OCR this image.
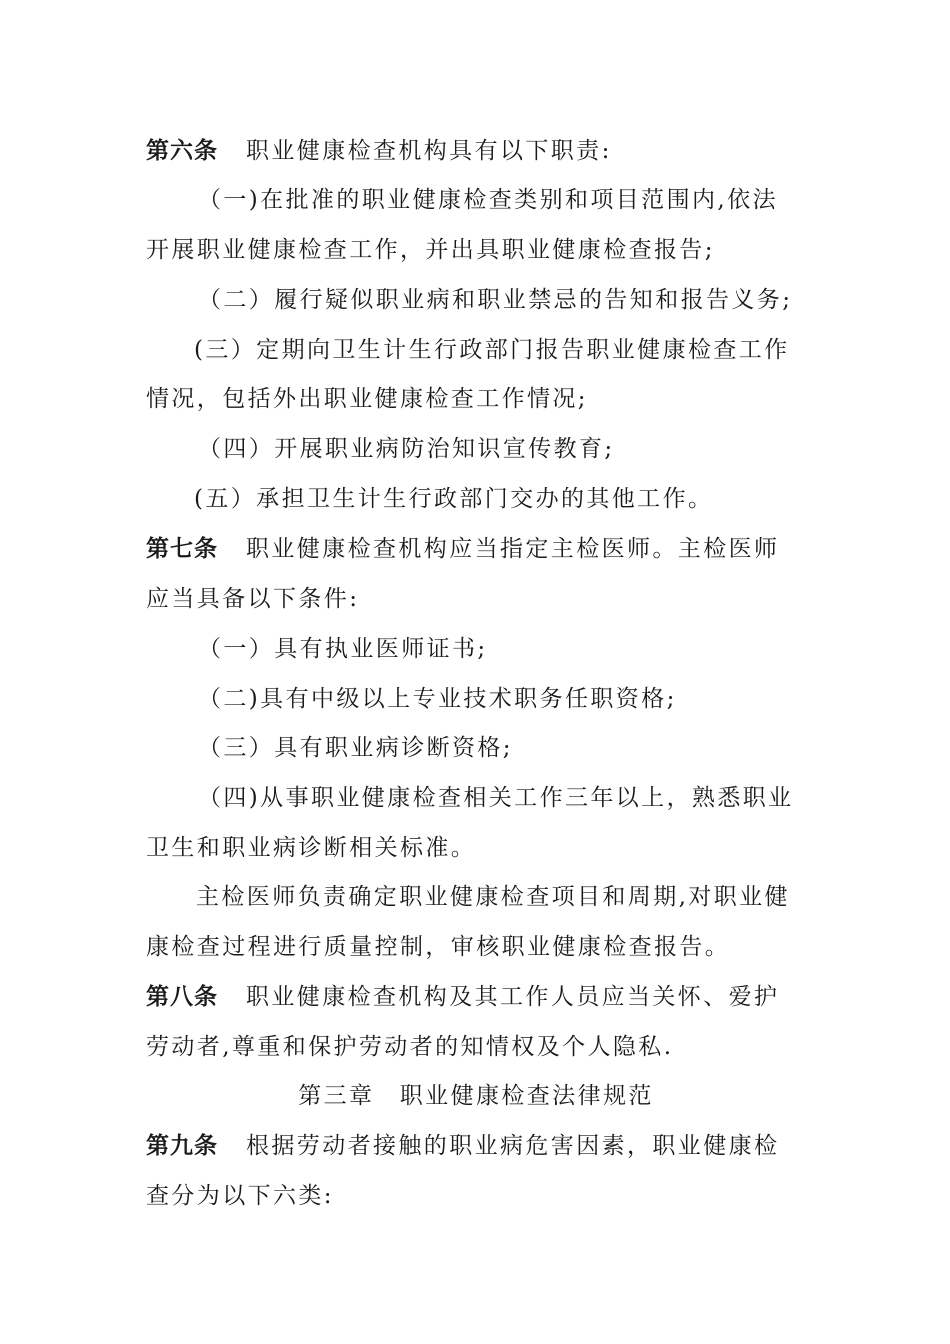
第六条 职业健康检查机构具有以下职责:
（一)在批准的职业健康检查类别和项目范围内,依法
开展职业健康检查工作，并出具职业健康检查报告;
（二）履行疑似职业病和职业禁忌的告知和报告义务;
(三）定期向卫生计生行政部门报告职业健康检查工作
情况，包括外出职业健康检查工作情况;
（四）开展职业病防治知识宣传教育;
(五）承担卫生计生行政部门交办的其他工作。
第七条 职业健康检查机构应当指定主检医师。主检医师
应当具备以下条件:
（一）具有执业医师证书;
（二)具有中级以上专业技术职务任职资格;
（三）具有职业病诊断资格;
（四)从事职业健康检查相关工作三年以上，熟悉职业
卫生和职业病诊断相关标准。
主检医师负责确定职业健康检查项目和周期,对职业健
康检查过程进行质量控制，审核职业健康检查报告。
第八条 职业健康检查机构及其工作人员应当关怀、爱护
劳动者,尊重和保护劳动者的知情权及个人隐私.
第三章　职业健康检查法律规范
第九条 根据劳动者接触的职业病危害因素，职业健康检
查分为以下六类:
